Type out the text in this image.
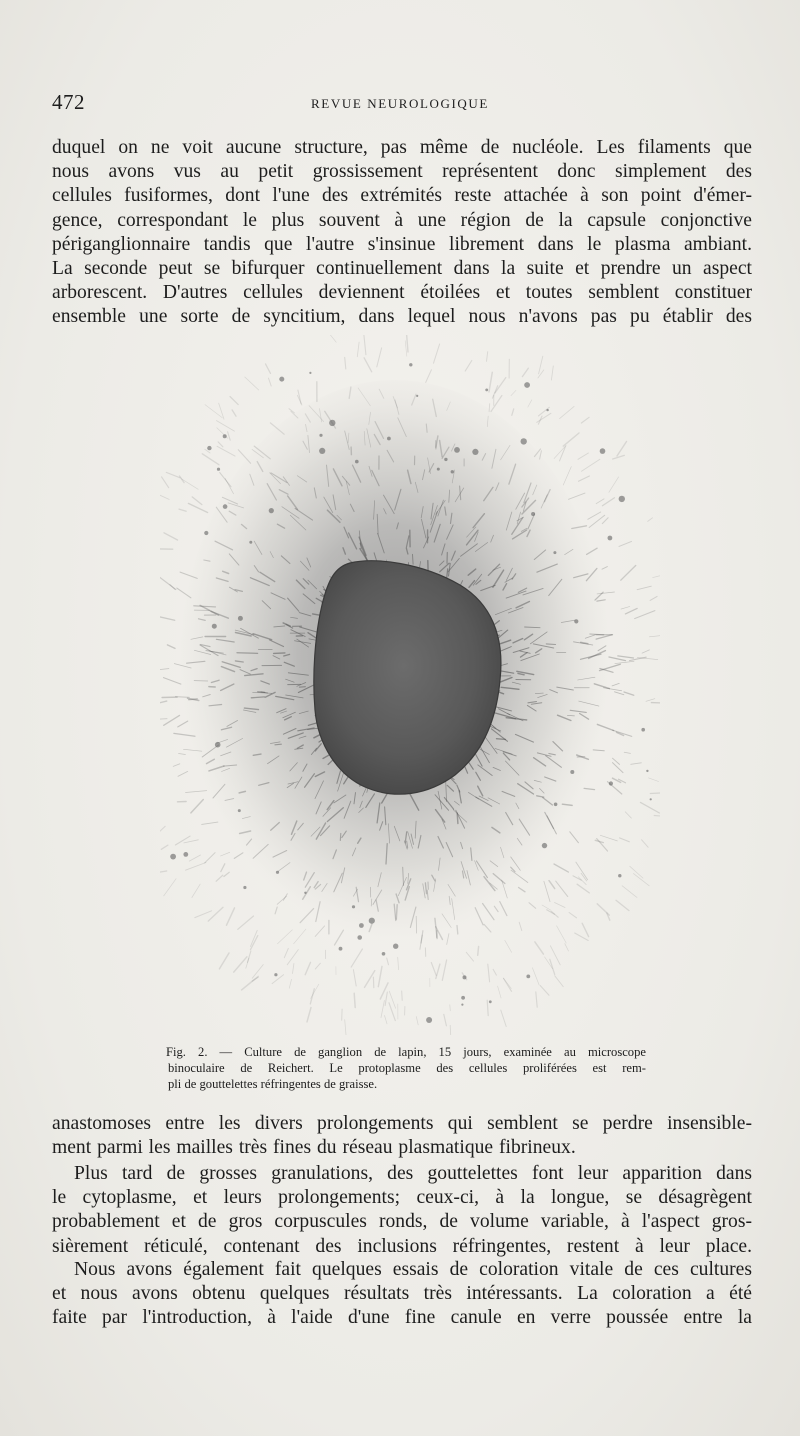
472	REVUE NEUROLOGIQUE

duquel on ne voit aucune structure, pas même de nucléole. Les filaments que
nous avons vus au petit grossissement représentent donc simplement des
cellules fusiformes, dont l'une des extrémités reste attachée à son point d'émer-
gence, correspondant le plus souvent à une région de la capsule conjonctive
périganglionnaire tandis que l'autre s'insinue librement dans le plasma ambiant.
La seconde peut se bifurquer continuellement dans la suite et prendre un aspect
arborescent. D'autres cellules deviennent étoilées et toutes semblent constituer
ensemble une sorte de syncitium, dans lequel nous n'avons pas pu établir des

Fig. 2. — Culture de ganglion de lapin, 15 jours, examinée au microscope
binoculaire de Reichert. Le protoplasme des cellules proliférées est rem-
pli de gouttelettes réfringentes de graisse.

anastomoses entre les divers prolongements qui semblent se perdre insensible-
ment parmi les mailles très fines du réseau plasmatique fibrineux.

Plus tard de grosses granulations, des gouttelettes font leur apparition dans
le cytoplasme, et leurs prolongements; ceux-ci, à la longue, se désagrègent
probablement et de gros corpuscules ronds, de volume variable, à l'aspect gros-
sièrement réticulé, contenant des inclusions réfringentes, restent à leur place.

Nous avons également fait quelques essais de coloration vitale de ces cultures
et nous avons obtenu quelques résultats très intéressants. La coloration a été
faite par l'introduction, à l'aide d'une fine canule en verre poussée entre la
